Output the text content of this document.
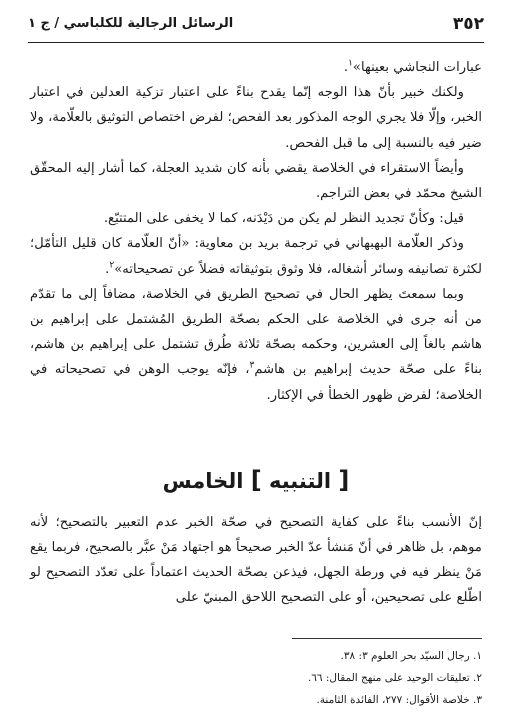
٣٥٢
الرسائل الرجالية للكلباسي / ج ١

عبارات النجاشي بعينها»$^١$.

ولكنك خبير بأنّ هذا الوجه إنّما يقدح بناءً على اعتبار تزكية العدلين في اعتبار الخبر، وإلّا فلا يجري الوجه المذكور بعد الفحص؛ لفرض اختصاص التوثيق بالعلّامة، ولا ضير فيه بالنسبة إلى ما قبل الفحص.

وأيضاً الاستقراء في الخلاصة يقضي بأنه كان شديد العجلة، كما أشار إليه المحقّق الشيخ محمّد في بعض التراجم.

قيل: وكأنّ تجديد النظر لم يكن من دَيْدَنه، كما لا يخفى على المتتبّع.

وذكر العلّامة البهبهاني في ترجمة بريد بن معاوية: «أنّ العلّامة كان قليل التأمّل؛ لكثرة تصانيفه وسائر أشغاله، فلا وثوق بتوثيقاته فضلاً عن تصحيحاته»$^٢$.

وبما سمعتَ يظهر الحال في تصحيح الطريق في الخلاصة، مضافاً إلى ما تقدّم من أنه جرى في الخلاصة على الحكم بصحّة الطريق المُشتمل على إبراهيم بن هاشم بالغاً إلى العشرين، وحكمه بصحّة ثلاثة طُرق تشتمل على إبراهيم بن هاشم، بناءً على صحّة حديث إبراهيم بن هاشم$^٣$، فإنّه يوجب الوهن في تصحيحاته في الخلاصة؛ لفرض ظهور الخطأ في الإكثار.

[ التنبيه ] الخامس

إنّ الأنسب بناءً على كفاية التصحيح في صحّة الخبر عدم التعبير بالتصحيح؛ لأنه موهم، بل ظاهر في أنّ مَنشأ عدّ الخبر صحيحاً هو اجتهاد مَنْ عبَّر بالصحيح، فربما يقع مَنْ ينظر فيه في ورطة الجهل، فيذعن بصحّة الحديث اعتماداً على تعدّد التصحيح لو اطّلع على تصحيحين، أو على التصحيح اللاحق المبنيّ على

١. رجال السيّد بحر العلوم ٣: ٣٨.
٢. تعليقات الوحيد على منهج المقال: ٦٦.
٣. خلاصة الأقوال: ٢٧٧، الفائدة الثامنة.
